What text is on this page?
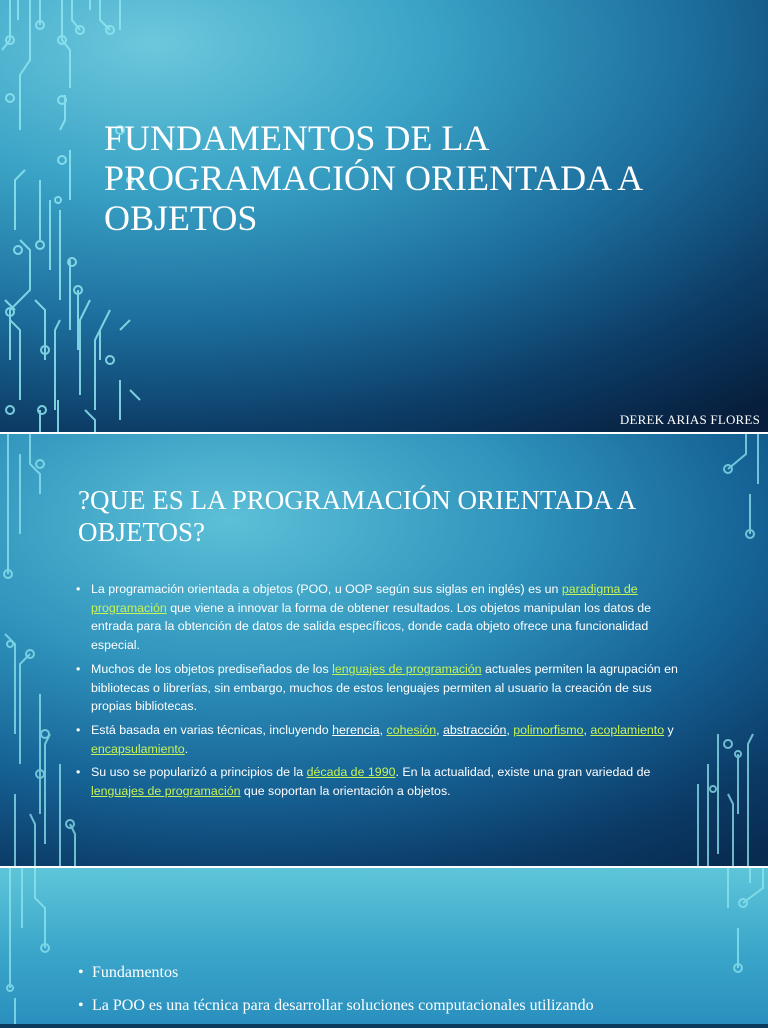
FUNDAMENTOS DE LA PROGRAMACIÓN ORIENTADA A OBJETOS
DEREK ARIAS FLORES
?QUE ES LA PROGRAMACIÓN ORIENTADA A OBJETOS?
• La programación orientada a objetos (POO, u OOP según sus siglas en inglés) es un paradigma de programación que viene a innovar la forma de obtener resultados. Los objetos manipulan los datos de entrada para la obtención de datos de salida específicos, donde cada objeto ofrece una funcionalidad especial.
• Muchos de los objetos prediseñados de los lenguajes de programación actuales permiten la agrupación en bibliotecas o librerías, sin embargo, muchos de estos lenguajes permiten al usuario la creación de sus propias bibliotecas.
• Está basada en varias técnicas, incluyendo herencia, cohesión, abstracción, polimorfismo, acoplamiento y encapsulamiento.
• Su uso se popularizó a principios de la década de 1990. En la actualidad, existe una gran variedad de lenguajes de programación que soportan la orientación a objetos.
• Fundamentos
• La POO es una técnica para desarrollar soluciones computacionales utilizando
